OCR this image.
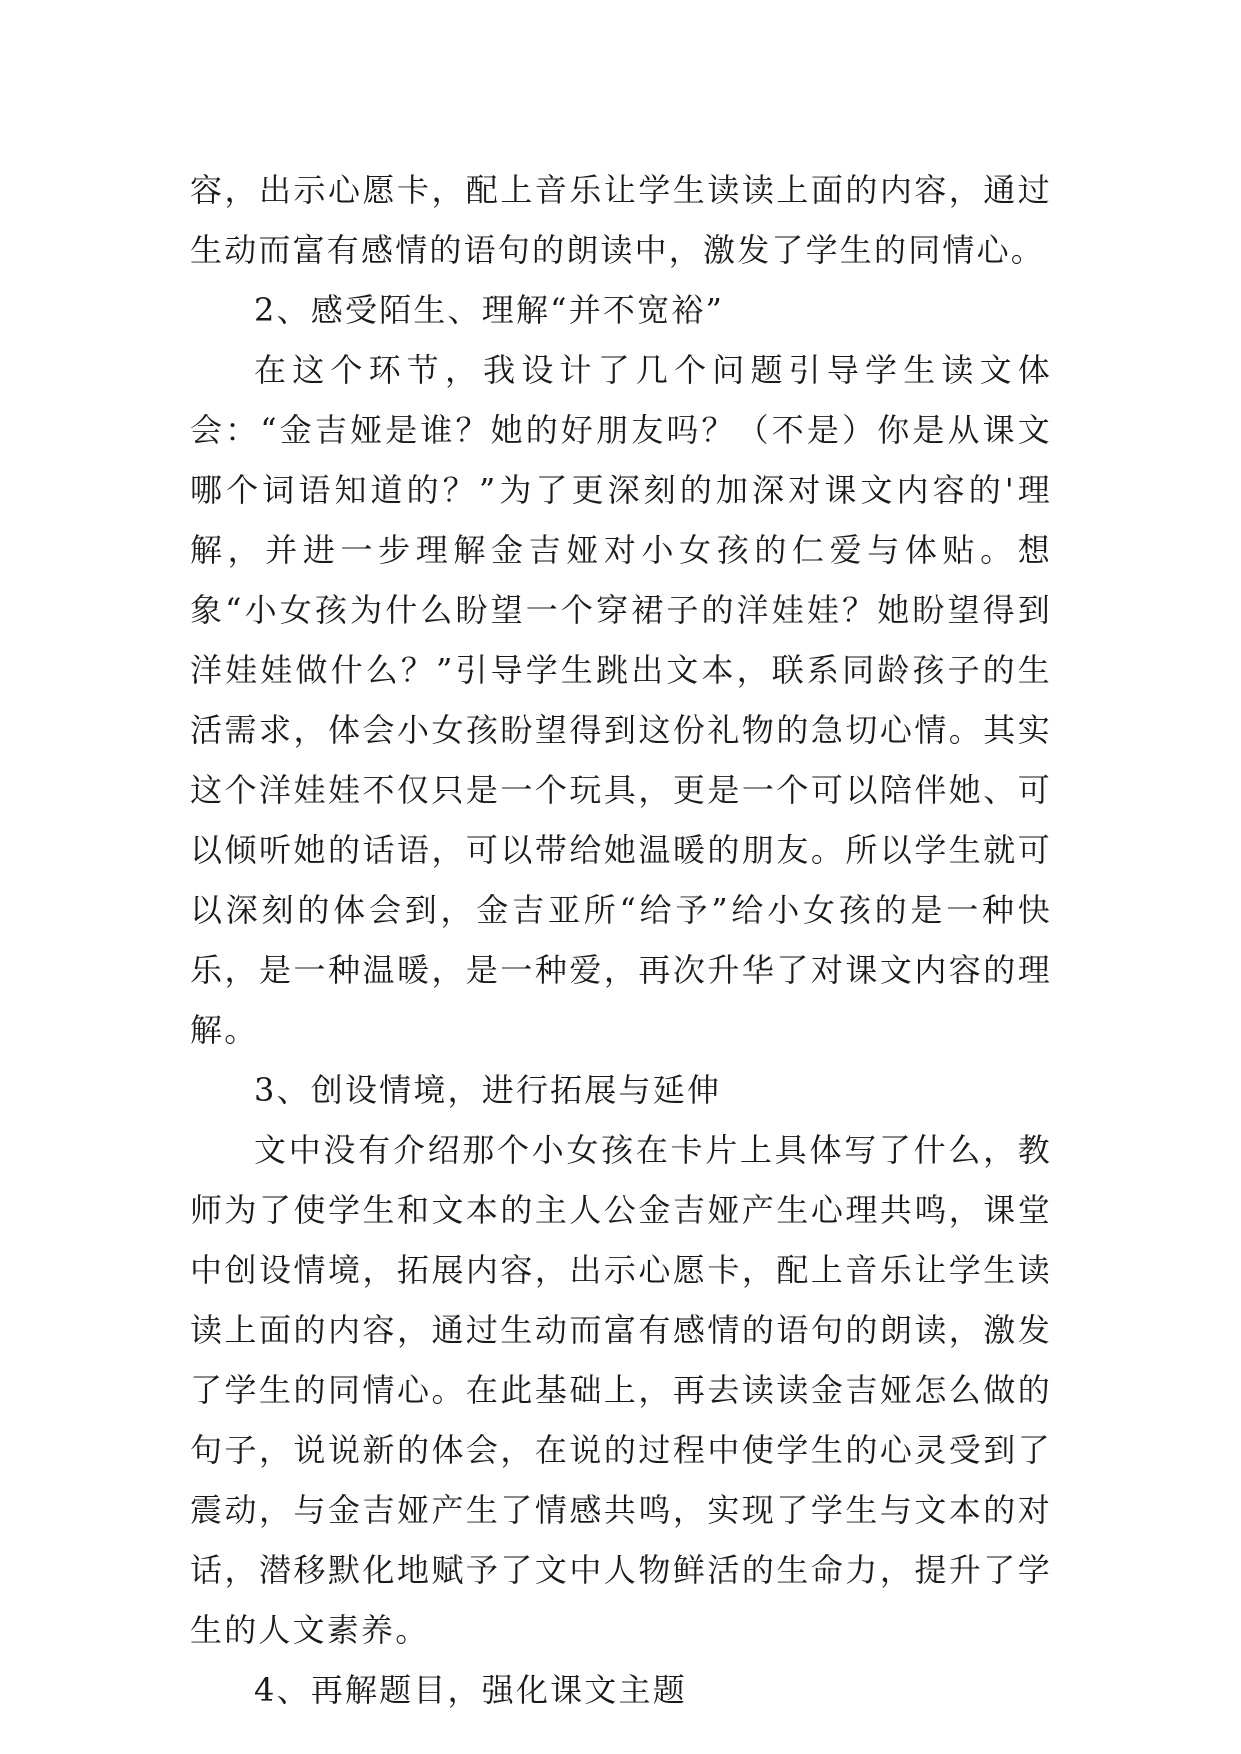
容，出示心愿卡，配上音乐让学生读读上面的内容，通过生动而富有感情的语句的朗读中，激发了学生的同情心。

2、感受陌生、理解“并不宽裕”

在这个环节，我设计了几个问题引导学生读文体会：“金吉娅是谁？她的好朋友吗？（不是）你是从课文哪个词语知道的？”为了更深刻的加深对课文内容的'理解，并进一步理解金吉娅对小女孩的仁爱与体贴。想象“小女孩为什么盼望一个穿裙子的洋娃娃？她盼望得到洋娃娃做什么？”引导学生跳出文本，联系同龄孩子的生活需求，体会小女孩盼望得到这份礼物的急切心情。其实这个洋娃娃不仅只是一个玩具，更是一个可以陪伴她、可以倾听她的话语，可以带给她温暖的朋友。所以学生就可以深刻的体会到，金吉亚所“给予”给小女孩的是一种快乐，是一种温暖，是一种爱，再次升华了对课文内容的理解。

3、创设情境，进行拓展与延伸

文中没有介绍那个小女孩在卡片上具体写了什么，教师为了使学生和文本的主人公金吉娅产生心理共鸣，课堂中创设情境，拓展内容，出示心愿卡，配上音乐让学生读读上面的内容，通过生动而富有感情的语句的朗读，激发了学生的同情心。在此基础上，再去读读金吉娅怎么做的句子，说说新的体会，在说的过程中使学生的心灵受到了震动，与金吉娅产生了情感共鸣，实现了学生与文本的对话，潜移默化地赋予了文中人物鲜活的生命力，提升了学生的人文素养。

4、再解题目，强化课文主题
